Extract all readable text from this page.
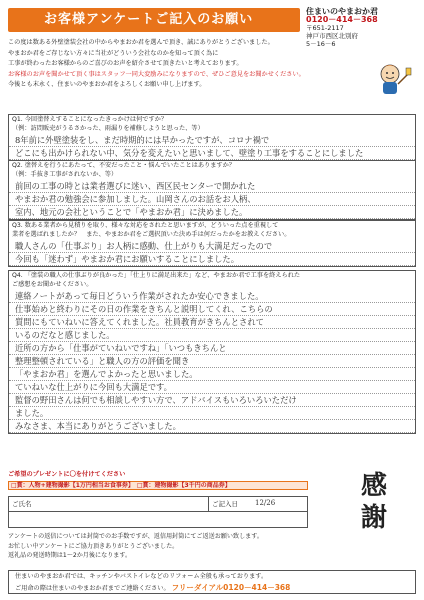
お客様アンケートご記入のお願い
住まいのやまおか君
0120－414－368
〒651-2117
神戸市西区北別府
5－16－6
この度は数ある外壁塗装会社の中からやまおか君を選んで頂き、誠にありがとうございました。
やまおか君をご存じない方々に当社がどういう会社なのかを知って頂く為に
工事が終わったお客様からのご喜びのお声を紹介させて頂きたいと考えております。
お客様のお声を聞かせて頂く事はスタッフ一同大変励みになりますので、ぜひご意見をお聞かせください。
今後とも末永く、住まいのやまおか君をよろしくお願い申し上げます。
Q1. 今回塗替えすることになったきっかけは何ですか？
（例：訪問販売がうるさかった、雨漏りを補修しようと思った、等）
8年前に外壁塗装をし、まだ時期的には早かったですが、コロナ禍で
どこにも出かけられない中、気分を変えたいと思いまして、壁塗り工事をすることにしました
Q2. 塗替えを行うにあたって、不安だったこと・悩んでいたことはありますか？
（例：手抜き工事がされないか、等）
前回の工事の時とは業者選びに迷い、西区民センターで開かれた
やまおか君の勉強会に参加しました。山岡さんのお話をお人柄、
室内、地元の会社ということで「やまおか君」に決めました。
Q3. 数ある業者から見積りを取り、様々な対応をされたと思いますが、どういった点を重視して
業者を選ばれましたか？　また、やまおか君をご選択頂いた決め手は何だったかをお教えください。
職人さんの「仕事ぶり」お人柄に感動、仕上がりも大満足だったので
今回も「迷わず」やまおか君にお願いすることにしました。
Q4. 「塗装の職人の仕事ぶりが良かった」「仕上りに満足出来た」など、やまおか君で工事を終えられた
ご感想をお聞かせください。
連絡ノートがあって毎日どういう作業がされたか安心できました。
仕事始めと終わりにその日の作業をきちんと説明してくれ、こちらの
質問にもていねいに答えてくれました。社員教育がきちんとされて
いるのだなと感じました。
近所の方から「仕事がていねいですね」「いつもきちんと
整理整頓されている」と職人の方の評価を聞き
「やまおか君」を選んでよかったと思いました。
ていねいな仕上がりに今回も大満足です。
監督の野田さんは何でも相談しやすい方で、アドバイスもいろいろいただけ
ました。
みなさま、本当にありがとうございました。
ご希望のプレゼントに〇を付けてください
□賞：人物+建物撮影【1万円相当お食事券】　□賞：建物撮影【3千円の商品券】
ご氏名	ご記入日	12/26
アンケートの返信については封筒でのお手数ですが、返信用封筒にてご返送お願い致します。
お忙しい中アンケートにご協力頂きありがとうございました。
返礼品の発送時期は1～2か月後になります。
感謝
住まいのやまおか君では、キッチンやバストイレなどのリフォーム全般も承っております。
ご用命の際は住まいのやまおか君までご連絡ください。 フリーダイアル0120－414－368
